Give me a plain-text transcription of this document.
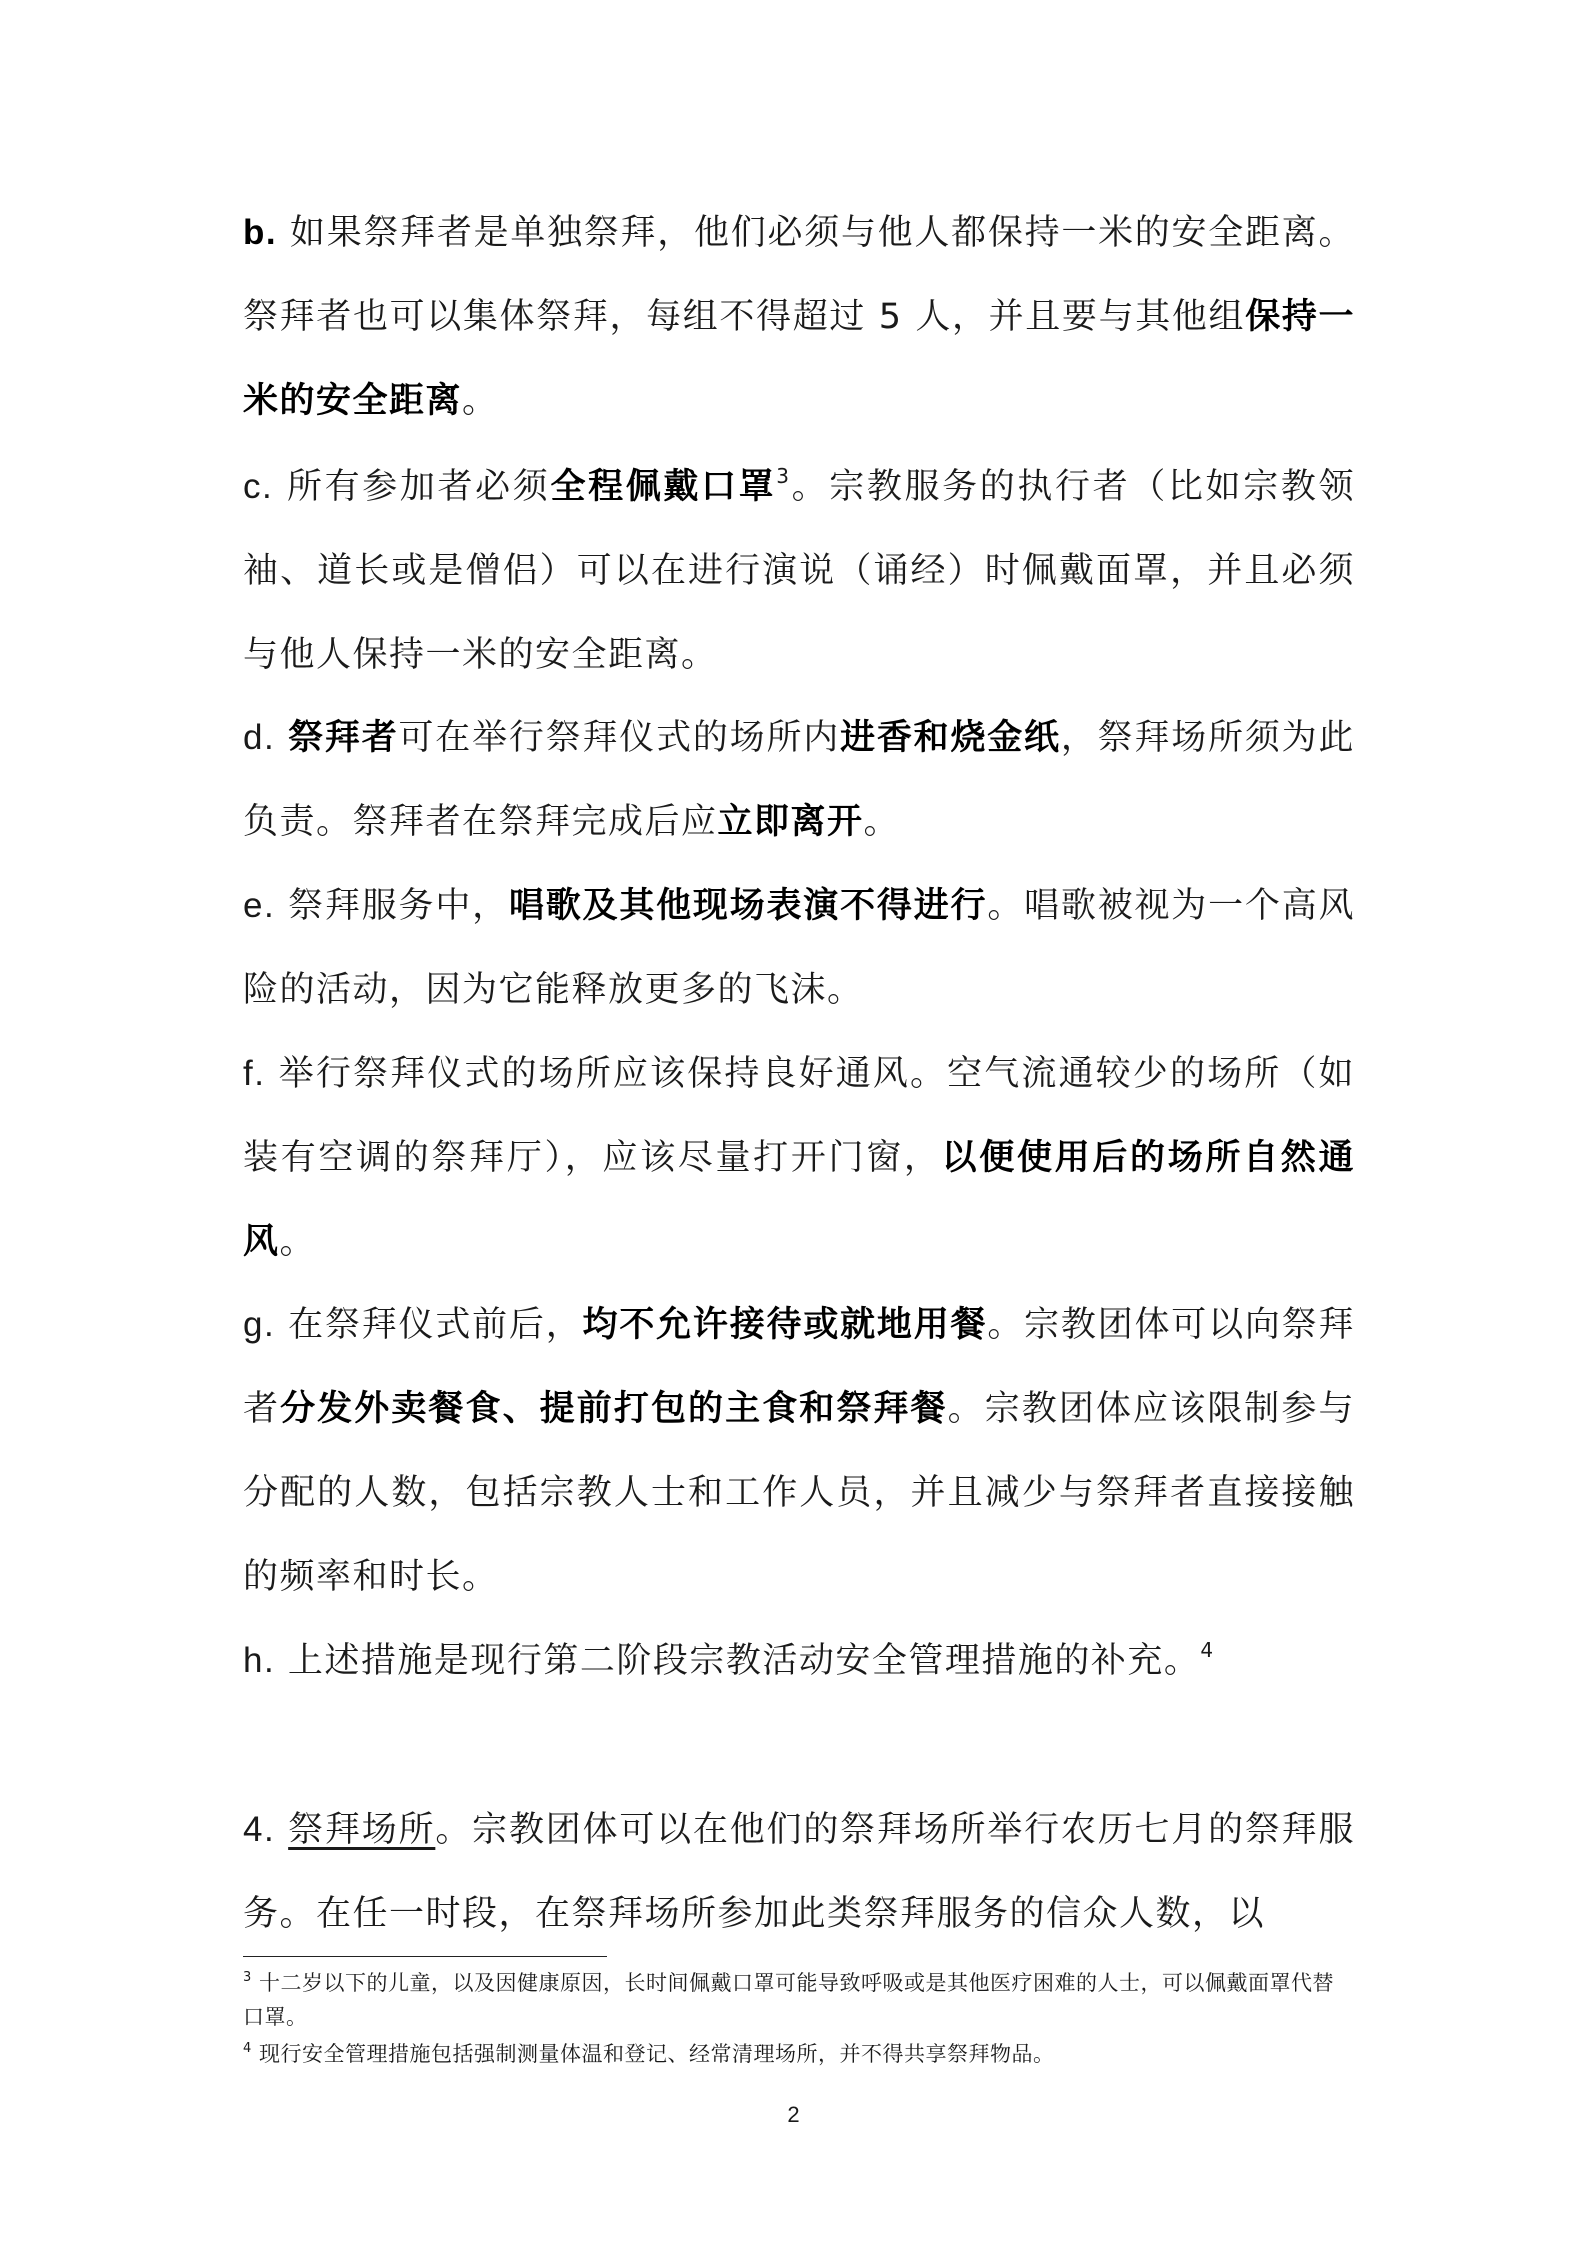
b. 如果祭拜者是单独祭拜，他们必须与他人都保持一米的安全距离。祭拜者也可以集体祭拜，每组不得超过 5 人，并且要与其他组保持一米的安全距离。

c. 所有参加者必须全程佩戴口罩$^3$。宗教服务的执行者（比如宗教领袖、道长或是僧侣）可以在进行演说（诵经）时佩戴面罩，并且必须与他人保持一米的安全距离。

d. 祭拜者可在举行祭拜仪式的场所内进香和烧金纸，祭拜场所须为此负责。祭拜者在祭拜完成后应立即离开。

e. 祭拜服务中，唱歌及其他现场表演不得进行。唱歌被视为一个高风险的活动，因为它能释放更多的飞沫。

f. 举行祭拜仪式的场所应该保持良好通风。空气流通较少的场所（如装有空调的祭拜厅），应该尽量打开门窗，以便使用后的场所自然通风。

g. 在祭拜仪式前后，均不允许接待或就地用餐。宗教团体可以向祭拜者分发外卖餐食、提前打包的主食和祭拜餐。宗教团体应该限制参与分配的人数，包括宗教人士和工作人员，并且减少与祭拜者直接接触的频率和时长。

h. 上述措施是现行第二阶段宗教活动安全管理措施的补充。$^4$

4. 祭拜场所。宗教团体可以在他们的祭拜场所举行农历七月的祭拜服务。在任一时段，在祭拜场所参加此类祭拜服务的信众人数，以

$^3$ 十二岁以下的儿童，以及因健康原因，长时间佩戴口罩可能导致呼吸或是其他医疗困难的人士，可以佩戴面罩代替口罩。

$^4$ 现行安全管理措施包括强制测量体温和登记、经常清理场所，并不得共享祭拜物品。

2
